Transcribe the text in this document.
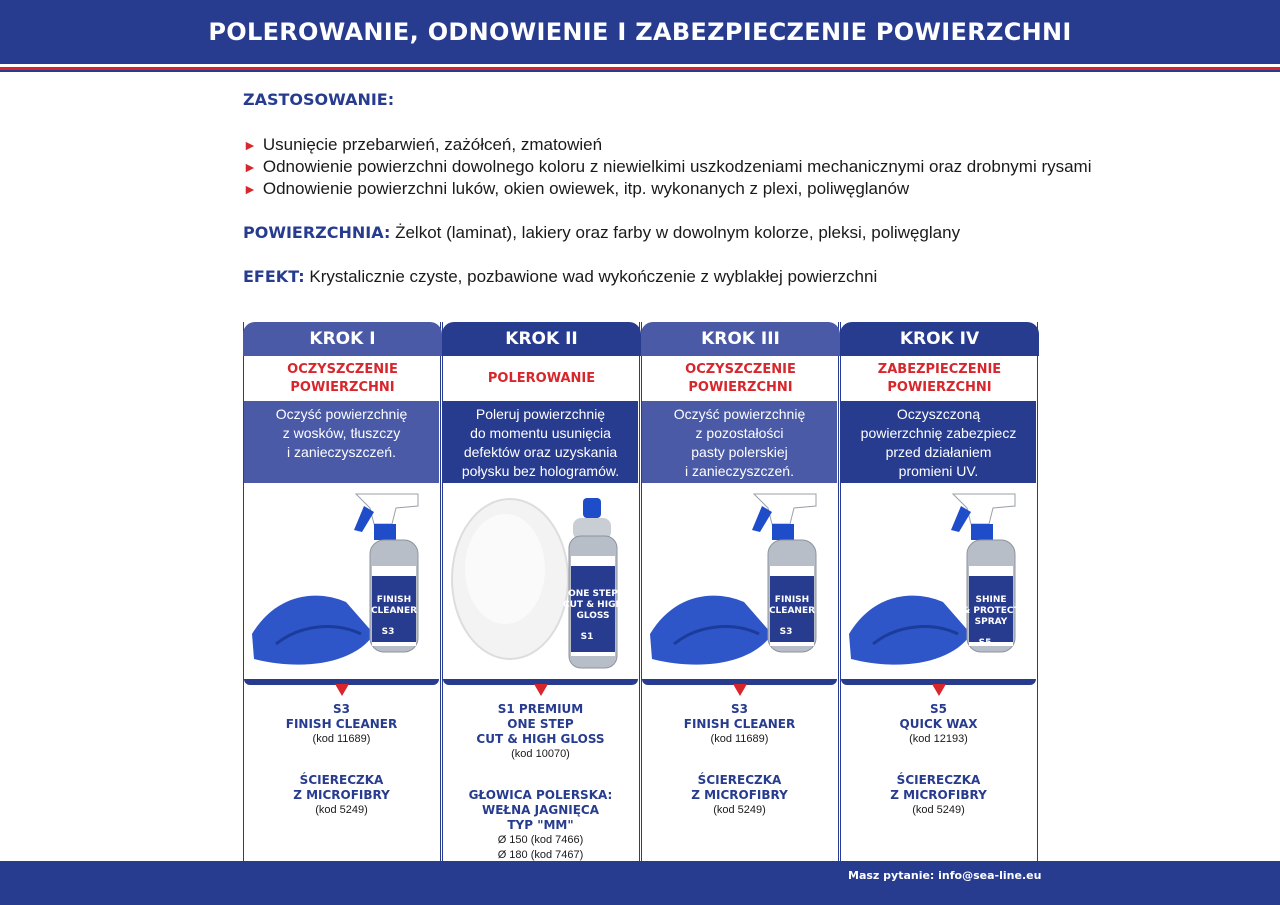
POLEROWANIE, ODNOWIENIE I ZABEZPIECZENIE POWIERZCHNI
ZASTOSOWANIE:
► Usunięcie przebarwień, zażółceń, zmatowień
► Odnowienie powierzchni dowolnego koloru z niewielkimi uszkodzeniami mechanicznymi oraz drobnymi rysami
► Odnowienie powierzchni luków, okien owiewek, itp. wykonanych z plexi, poliwęglanów
POWIERZCHNIA: Żelkot (laminat), lakiery oraz farby w dowolnym kolorze, pleksi, poliwęglany
EFEKT: Krystalicznie czyste, pozbawione wad wykończenie z wyblakłej powierzchni
KROK I
OCZYSZCZENIE
POWIERZCHNI
Oczyść powierzchnię
z wosków, tłuszczy
i zanieczyszczeń.
FINISH
CLEANER
S3
S3
FINISH CLEANER
(kod 11689)
ŚCIERECZKA
Z MICROFIBRY
(kod 5249)
KROK II
POLEROWANIE
Poleruj powierzchnię
do momentu usunięcia
defektów oraz uzyskania
połysku bez hologramów.
ONE STEP
CUT & HIGH
GLOSS
S1
S1 PREMIUM
ONE STEP
CUT & HIGH GLOSS
(kod 10070)
GŁOWICA POLERSKA:
WEŁNA JAGNIĘCA
TYP "MM"
Ø 150 (kod 7466)
Ø 180 (kod 7467)
KROK III
OCZYSZCZENIE
POWIERZCHNI
Oczyść powierzchnię
z pozostałości
pasty polerskiej
i zanieczyszczeń.
FINISH
CLEANER
S3
S3
FINISH CLEANER
(kod 11689)
ŚCIERECZKA
Z MICROFIBRY
(kod 5249)
KROK IV
ZABEZPIECZENIE
POWIERZCHNI
Oczyszczoną
powierzchnię zabezpiecz
przed działaniem
promieni UV.
SHINE
& PROTECT
SPRAY
S5
S5
QUICK WAX
(kod 12193)
ŚCIERECZKA
Z MICROFIBRY
(kod 5249)
Masz pytanie: info@sea-line.eu
